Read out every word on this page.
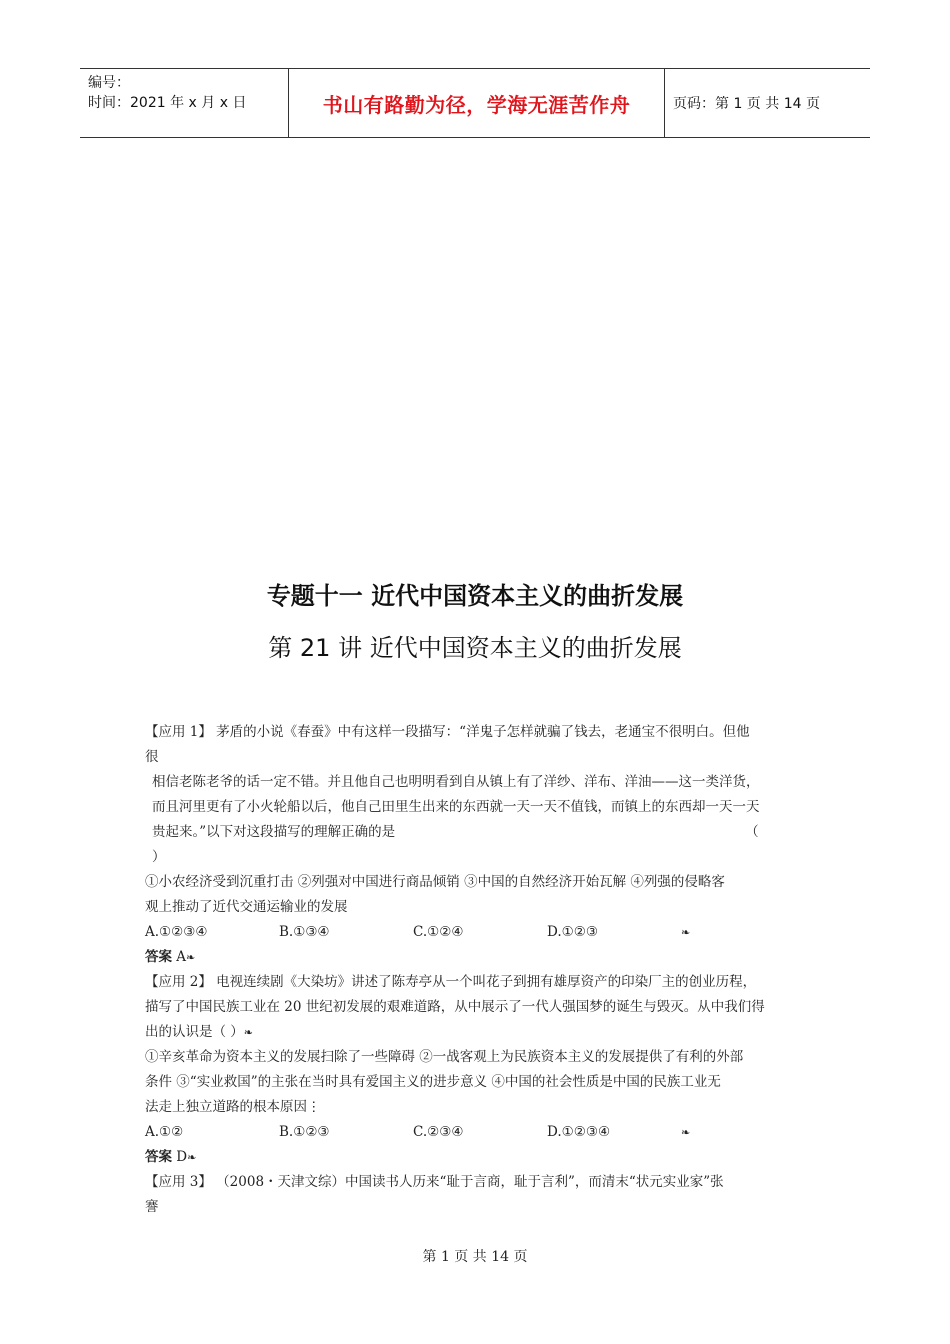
编号：
时间：2021 年 x 月 x 日	书山有路勤为径，学海无涯苦作舟	页码：第 1 页 共 14 页
专题十一 近代中国资本主义的曲折发展
第 21 讲 近代中国资本主义的曲折发展
【应用 1】 茅盾的小说《春蚕》中有这样一段描写：“洋鬼子怎样就骗了钱去，老通宝不很明白。但他
很
相信老陈老爷的话一定不错。并且他自己也明明看到自从镇上有了洋纱、洋布、洋油——这一类洋货，
而且河里更有了小火轮船以后，他自己田里生出来的东西就一天一天不值钱，而镇上的东西却一天一天
贵起来。”以下对这段描写的理解正确的是	（
）
①小农经济受到沉重打击 ②列强对中国进行商品倾销 ③中国的自然经济开始瓦解 ④列强的侵略客
观上推动了近代交通运输业的发展
A.①②③④	B.①③④	C.①②④	D.①②③	❧
答案 A❧
【应用 2】 电视连续剧《大染坊》讲述了陈寿亭从一个叫花子到拥有雄厚资产的印染厂主的创业历程，
描写了中国民族工业在 20 世纪初发展的艰难道路，从中展示了一代人强国梦的诞生与毁灭。从中我们得
出的认识是（ ）❧
①辛亥革命为资本主义的发展扫除了一些障碍 ②一战客观上为民族资本主义的发展提供了有利的外部
条件 ③“实业救国”的主张在当时具有爱国主义的进步意义 ④中国的社会性质是中国的民族工业无
法走上独立道路的根本原因⋮
A.①②	B.①②③	C.②③④	D.①②③④	❧
答案 D❧
【应用 3】 （2008・天津文综）中国读书人历来“耻于言商，耻于言利”，而清末“状元实业家”张
謇
第 1 页 共 14 页
